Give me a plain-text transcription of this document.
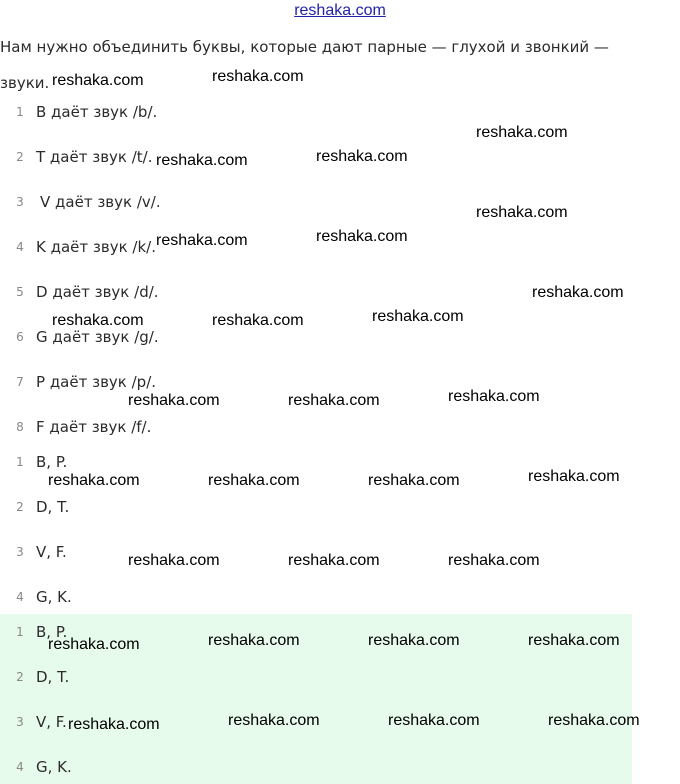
reshaka.com
Нам нужно объединить буквы, которые дают парные — глухой и звонкий — звуки.
1 B даёт звук /b/.
2 T даёт звук /t/.
3 V даёт звук /v/.
4 K даёт звук /k/.
5 D даёт звук /d/.
6 G даёт звук /g/.
7 P даёт звук /p/.
8 F даёт звук /f/.
1 B, P.
2 D, T.
3 V, F.
4 G, K.
1 B, P.
2 D, T.
3 V, F.
4 G, K.
reshaka.com	reshaka.com
reshaka.com
reshaka.com	reshaka.com
reshaka.com
reshaka.com	reshaka.com
reshaka.com
reshaka.com	reshaka.com	reshaka.com
reshaka.com	reshaka.com	reshaka.com
reshaka.com	reshaka.com	reshaka.com	reshaka.com
reshaka.com	reshaka.com	reshaka.com
reshaka.com	reshaka.com	reshaka.com	reshaka.com
reshaka.com	reshaka.com	reshaka.com	reshaka.com
